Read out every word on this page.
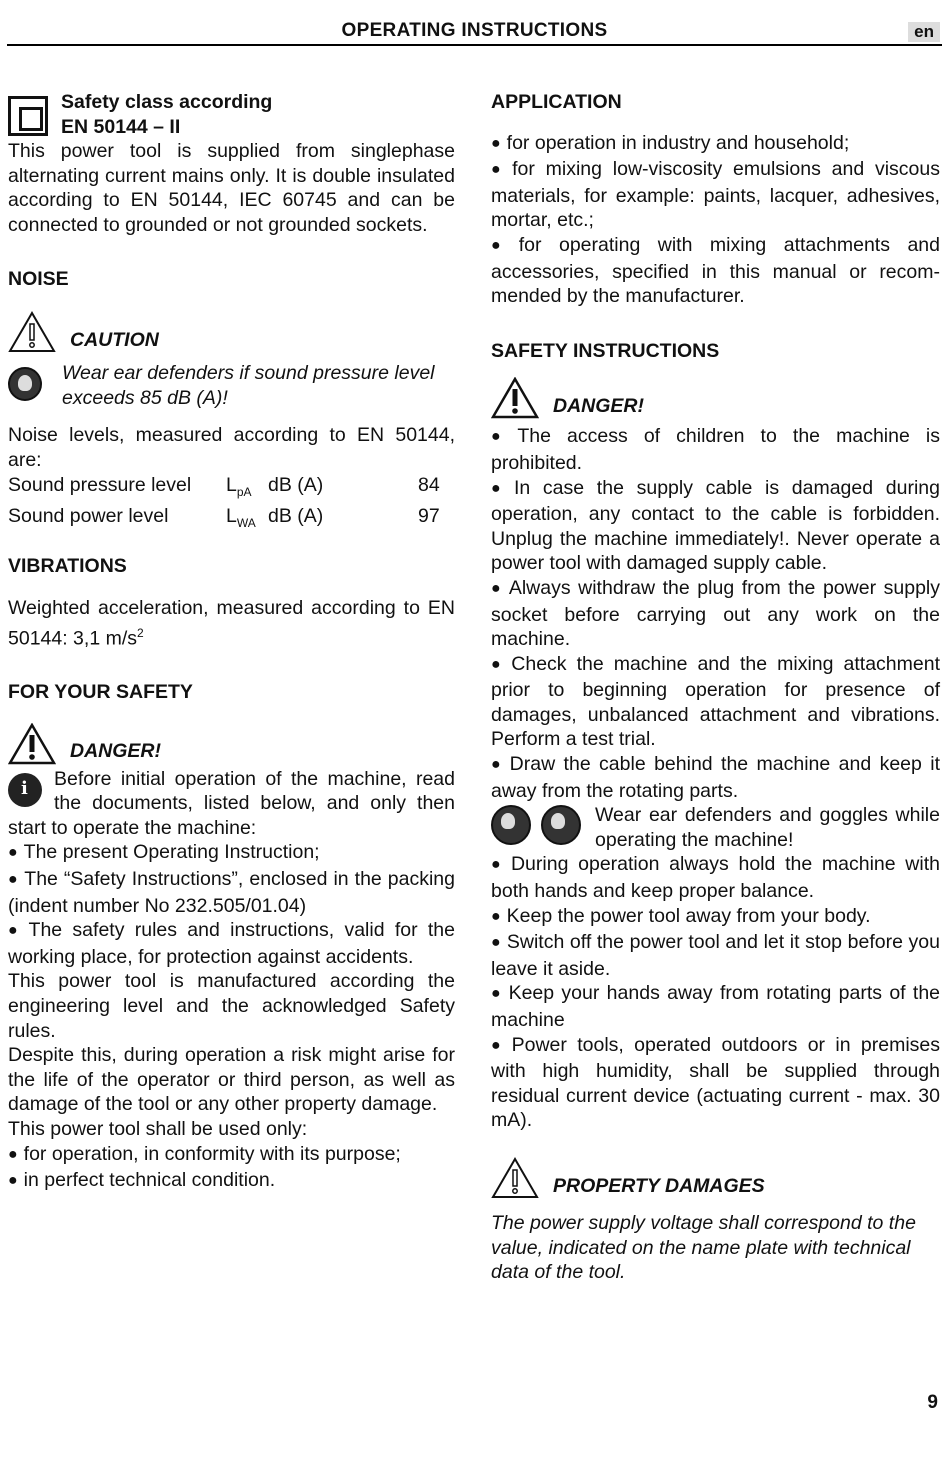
OPERATING INSTRUCTIONS	en
Safety class according
EN 50144 – II

This power tool is supplied from singlephase alternating current mains only. It is double insulated according to EN 50144, IEC 60745 and can be connected to grounded or not grounded sockets.

NOISE
CAUTION

Wear ear defenders if sound pressure level exceeds 85 dB (A)!

Noise levels, measured according to EN 50144, are:

Sound pressure level	$L_{pA}$ dB (A)	84
Sound power level	$L_{WA}$ dB (A)	97
VIBRATIONS

Weighted acceleration, measured according to EN 50144: 3,1 $m/s^2$

FOR YOUR SAFETY
DANGER!
i

Before initial operation of the machine, read the documents, listed below, and only then start to operate the machine:

● The present Operating Instruction;

● The “Safety Instructions”, enclosed in the packing (indent number No 232.505/01.04)

● The safety rules and instructions, valid for the working place, for protection against accidents.

This power tool is manufactured according the engineering level and the acknowledged Safety rules.

Despite this, during operation a risk might arise for the life of the operator or third person, as well as damage of the tool or any other property damage.

This power tool shall be used only:

● for operation, in conformity with its purpose;

● in perfect technical condition.

APPLICATION

● for operation in industry and household;

● for mixing low-viscosity emulsions and viscous materials, for example: paints, lacquer, adhesives, mortar, etc.;

● for operating with mixing attachments and accessories, specified in this manual or recom-mended by the manufacturer.

SAFETY INSTRUCTIONS
DANGER!

● The access of children to the machine is prohibited.

● In case the supply cable is damaged during operation, any contact to the cable is forbidden. Unplug the machine immediately!. Never operate a power tool with damaged supply cable.

● Always withdraw the plug from the power supply socket before carrying out any work on the machine.

● Check the machine and the mixing attachment prior to beginning operation for presence of damages, unbalanced attachment and vibrations. Perform a test trial.

● Draw the cable behind the machine and keep it away from the rotating parts.

Wear ear defenders and goggles while operating the machine!

● During operation always hold the machine with both hands and keep proper balance.

● Keep the power tool away from your body.

● Switch off the power tool and let it stop before you leave it aside.

● Keep your hands away from rotating parts of the machine

● Power tools, operated outdoors or in premises with high humidity, shall be supplied through residual current device (actuating current - max. 30 mA).

PROPERTY DAMAGES

The power supply voltage shall correspond to the value, indicated on the name plate with technical data of the tool.

9
